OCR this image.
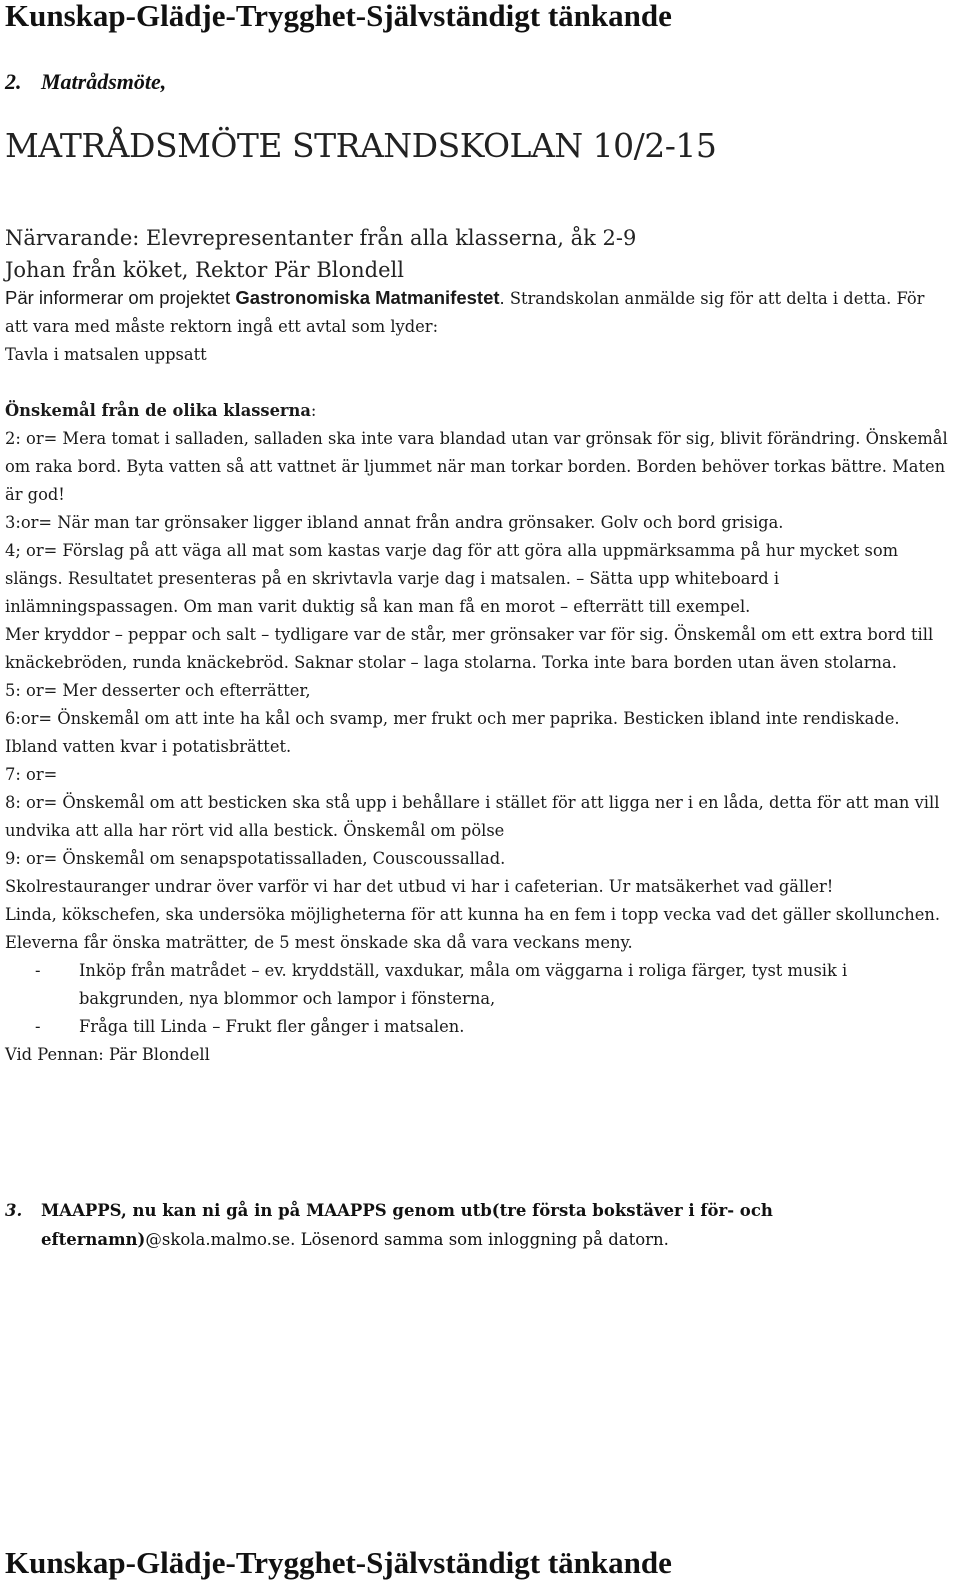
Kunskap-Glädje-Trygghet-Självständigt tänkande
2. Matrådsmöte,
MATRÅDSMÖTE STRANDSKOLAN 10/2-15
Närvarande: Elevrepresentanter från alla klasserna, åk 2-9
Johan från köket, Rektor Pär Blondell

Pär informerar om projektet Gastronomiska Matmanifestet. Strandskolan anmälde sig för att delta i detta. För att vara med måste rektorn ingå ett avtal som lyder:

Tavla i matsalen uppsatt

Önskemål från de olika klasserna:

2: or= Mera tomat i salladen, salladen ska inte vara blandad utan var grönsak för sig, blivit förändring. Önskemål om raka bord. Byta vatten så att vattnet är ljummet när man torkar borden. Borden behöver torkas bättre. Maten är god!

3:or= När man tar grönsaker ligger ibland annat från andra grönsaker. Golv och bord grisiga.

4; or= Förslag på att väga all mat som kastas varje dag för att göra alla uppmärksamma på hur mycket som slängs. Resultatet presenteras på en skrivtavla varje dag i matsalen. – Sätta upp whiteboard i inlämningspassagen. Om man varit duktig så kan man få en morot – efterrätt till exempel.

Mer kryddor – peppar och salt – tydligare var de står, mer grönsaker var för sig. Önskemål om ett extra bord till knäckebröden, runda knäckebröd. Saknar stolar – laga stolarna. Torka inte bara borden utan även stolarna.

5: or= Mer desserter och efterrätter,

6:or= Önskemål om att inte ha kål och svamp, mer frukt och mer paprika. Besticken ibland inte rendiskade. Ibland vatten kvar i potatisbrättet.

7: or=

8: or= Önskemål om att besticken ska stå upp i behållare i stället för att ligga ner i en låda, detta för att man vill undvika att alla har rört vid alla bestick. Önskemål om pölse

9: or= Önskemål om senapspotatissalladen, Couscoussallad.

Skolrestauranger undrar över varför vi har det utbud vi har i cafeterian. Ur matsäkerhet vad gäller!

Linda, kökschefen, ska undersöka möjligheterna för att kunna ha en fem i topp vecka vad det gäller skollunchen. Eleverna får önska maträtter, de 5 mest önskade ska då vara veckans meny.

-	Inköp från matrådet – ev. kryddställ, vaxdukar, måla om väggarna i roliga färger, tyst musik i bakgrunden, nya blommor och lampor i fönsterna,
-	Fråga till Linda – Frukt fler gånger i matsalen.

Vid Pennan: Pär Blondell

3.	MAAPPS, nu kan ni gå in på MAAPPS genom utb(tre första bokstäver i för- och efternamn)@skola.malmo.se. Lösenord samma som inloggning på datorn.
Kunskap-Glädje-Trygghet-Självständigt tänkande
